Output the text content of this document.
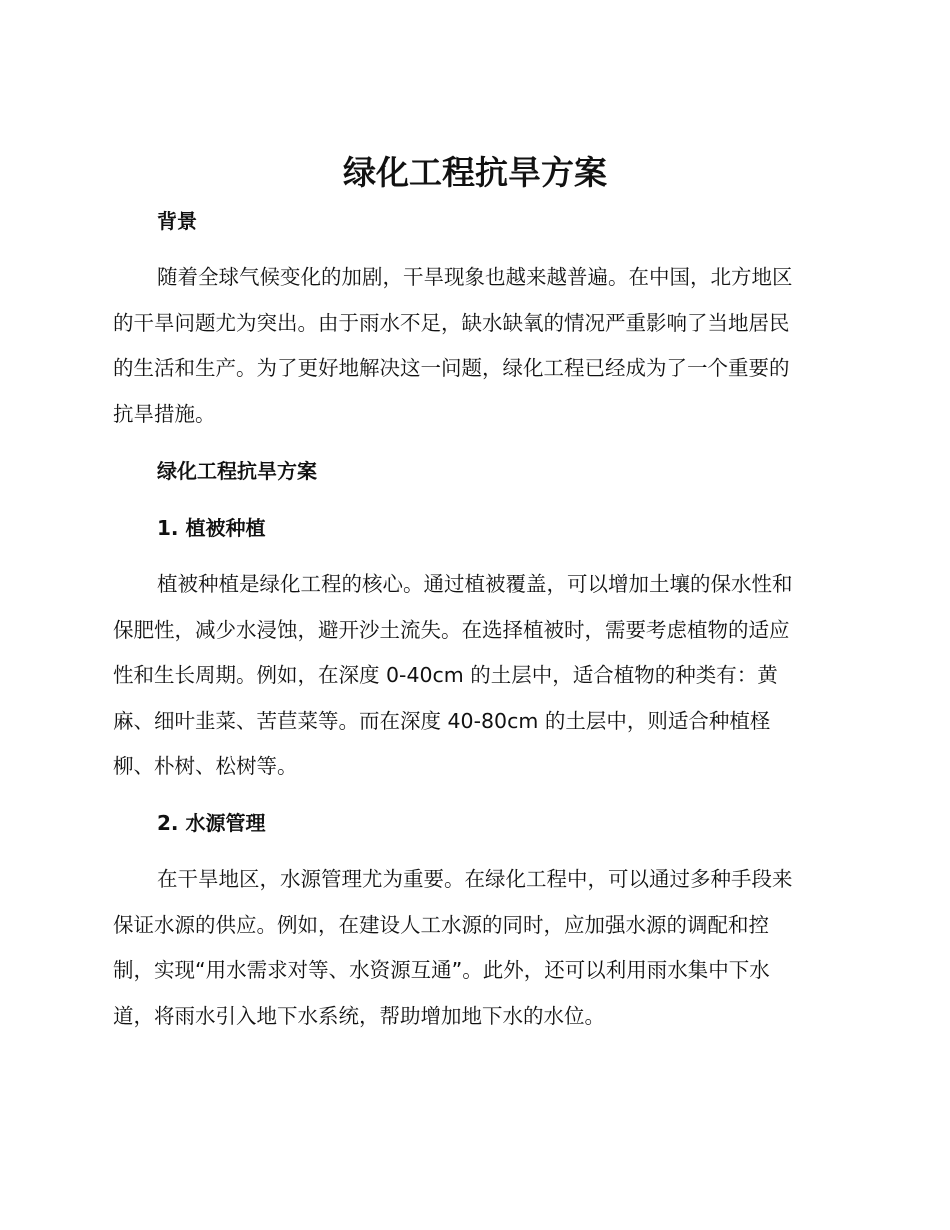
绿化工程抗旱方案
背景
随着全球气候变化的加剧，干旱现象也越来越普遍。在中国，北方地区
的干旱问题尤为突出。由于雨水不足，缺水缺氧的情况严重影响了当地居民
的生活和生产。为了更好地解决这一问题，绿化工程已经成为了一个重要的
抗旱措施。
绿化工程抗旱方案
1. 植被种植
植被种植是绿化工程的核心。通过植被覆盖，可以增加土壤的保水性和
保肥性，减少水浸蚀，避开沙土流失。在选择植被时，需要考虑植物的适应
性和生长周期。例如，在深度 0-40cm 的土层中，适合植物的种类有：黄
麻、细叶韭菜、苦苣菜等。而在深度 40-80cm 的土层中，则适合种植柽
柳、朴树、松树等。
2. 水源管理
在干旱地区，水源管理尤为重要。在绿化工程中，可以通过多种手段来
保证水源的供应。例如，在建设人工水源的同时，应加强水源的调配和控
制，实现“用水需求对等、水资源互通”。此外，还可以利用雨水集中下水
道，将雨水引入地下水系统，帮助增加地下水的水位。
